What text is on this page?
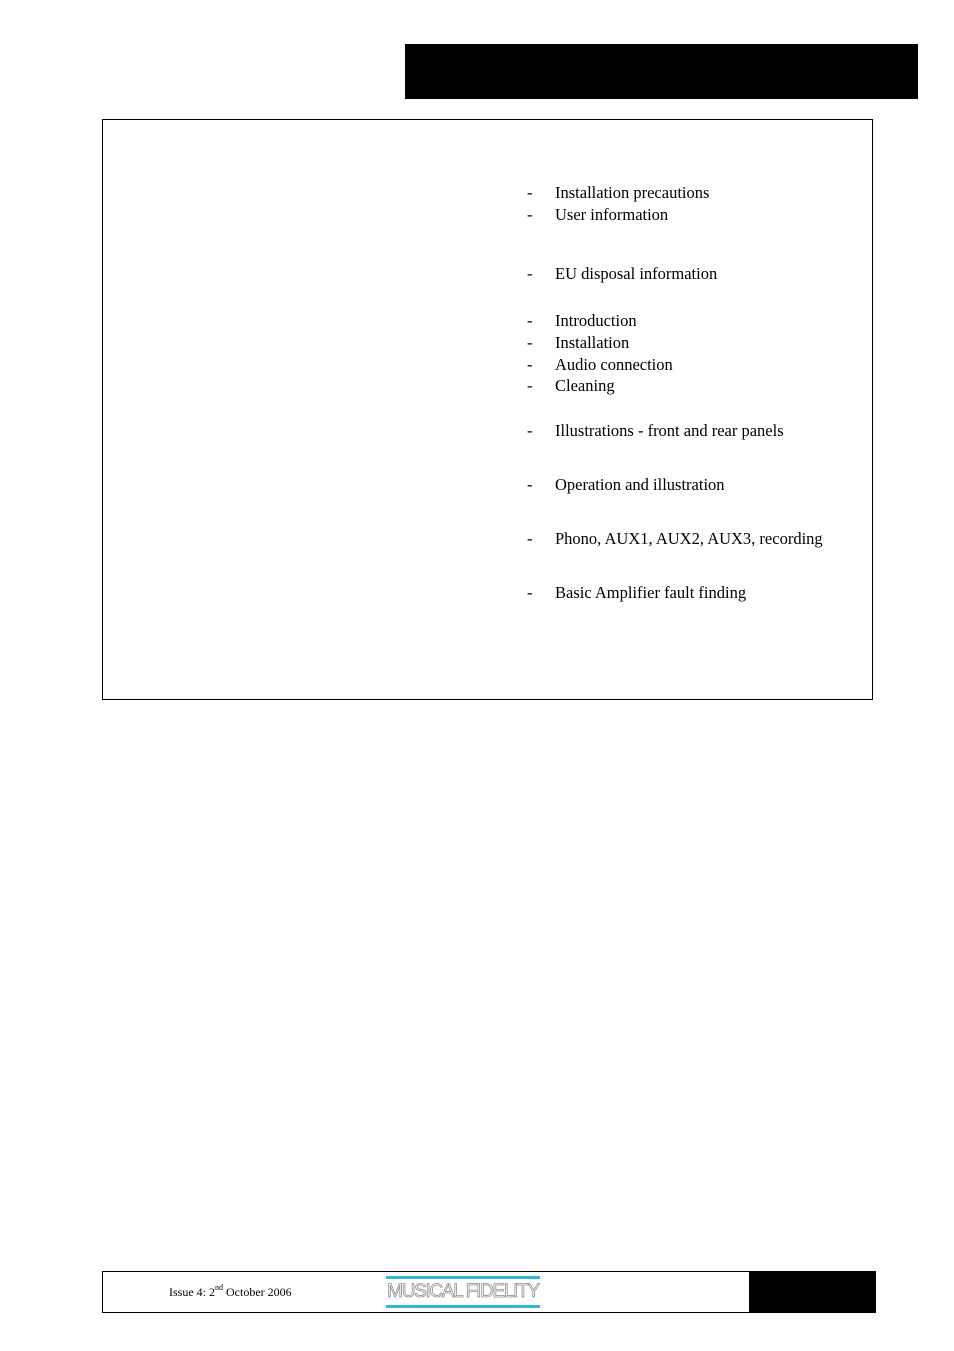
- Installation precautions
- User information
- EU disposal information
- Introduction
- Installation
- Audio connection
- Cleaning
- Illustrations - front and rear panels
- Operation and illustration
- Phono, AUX1, AUX2, AUX3, recording
- Basic Amplifier fault finding
Issue 4: 2nd October 2006	MUSICAL FIDELITY
